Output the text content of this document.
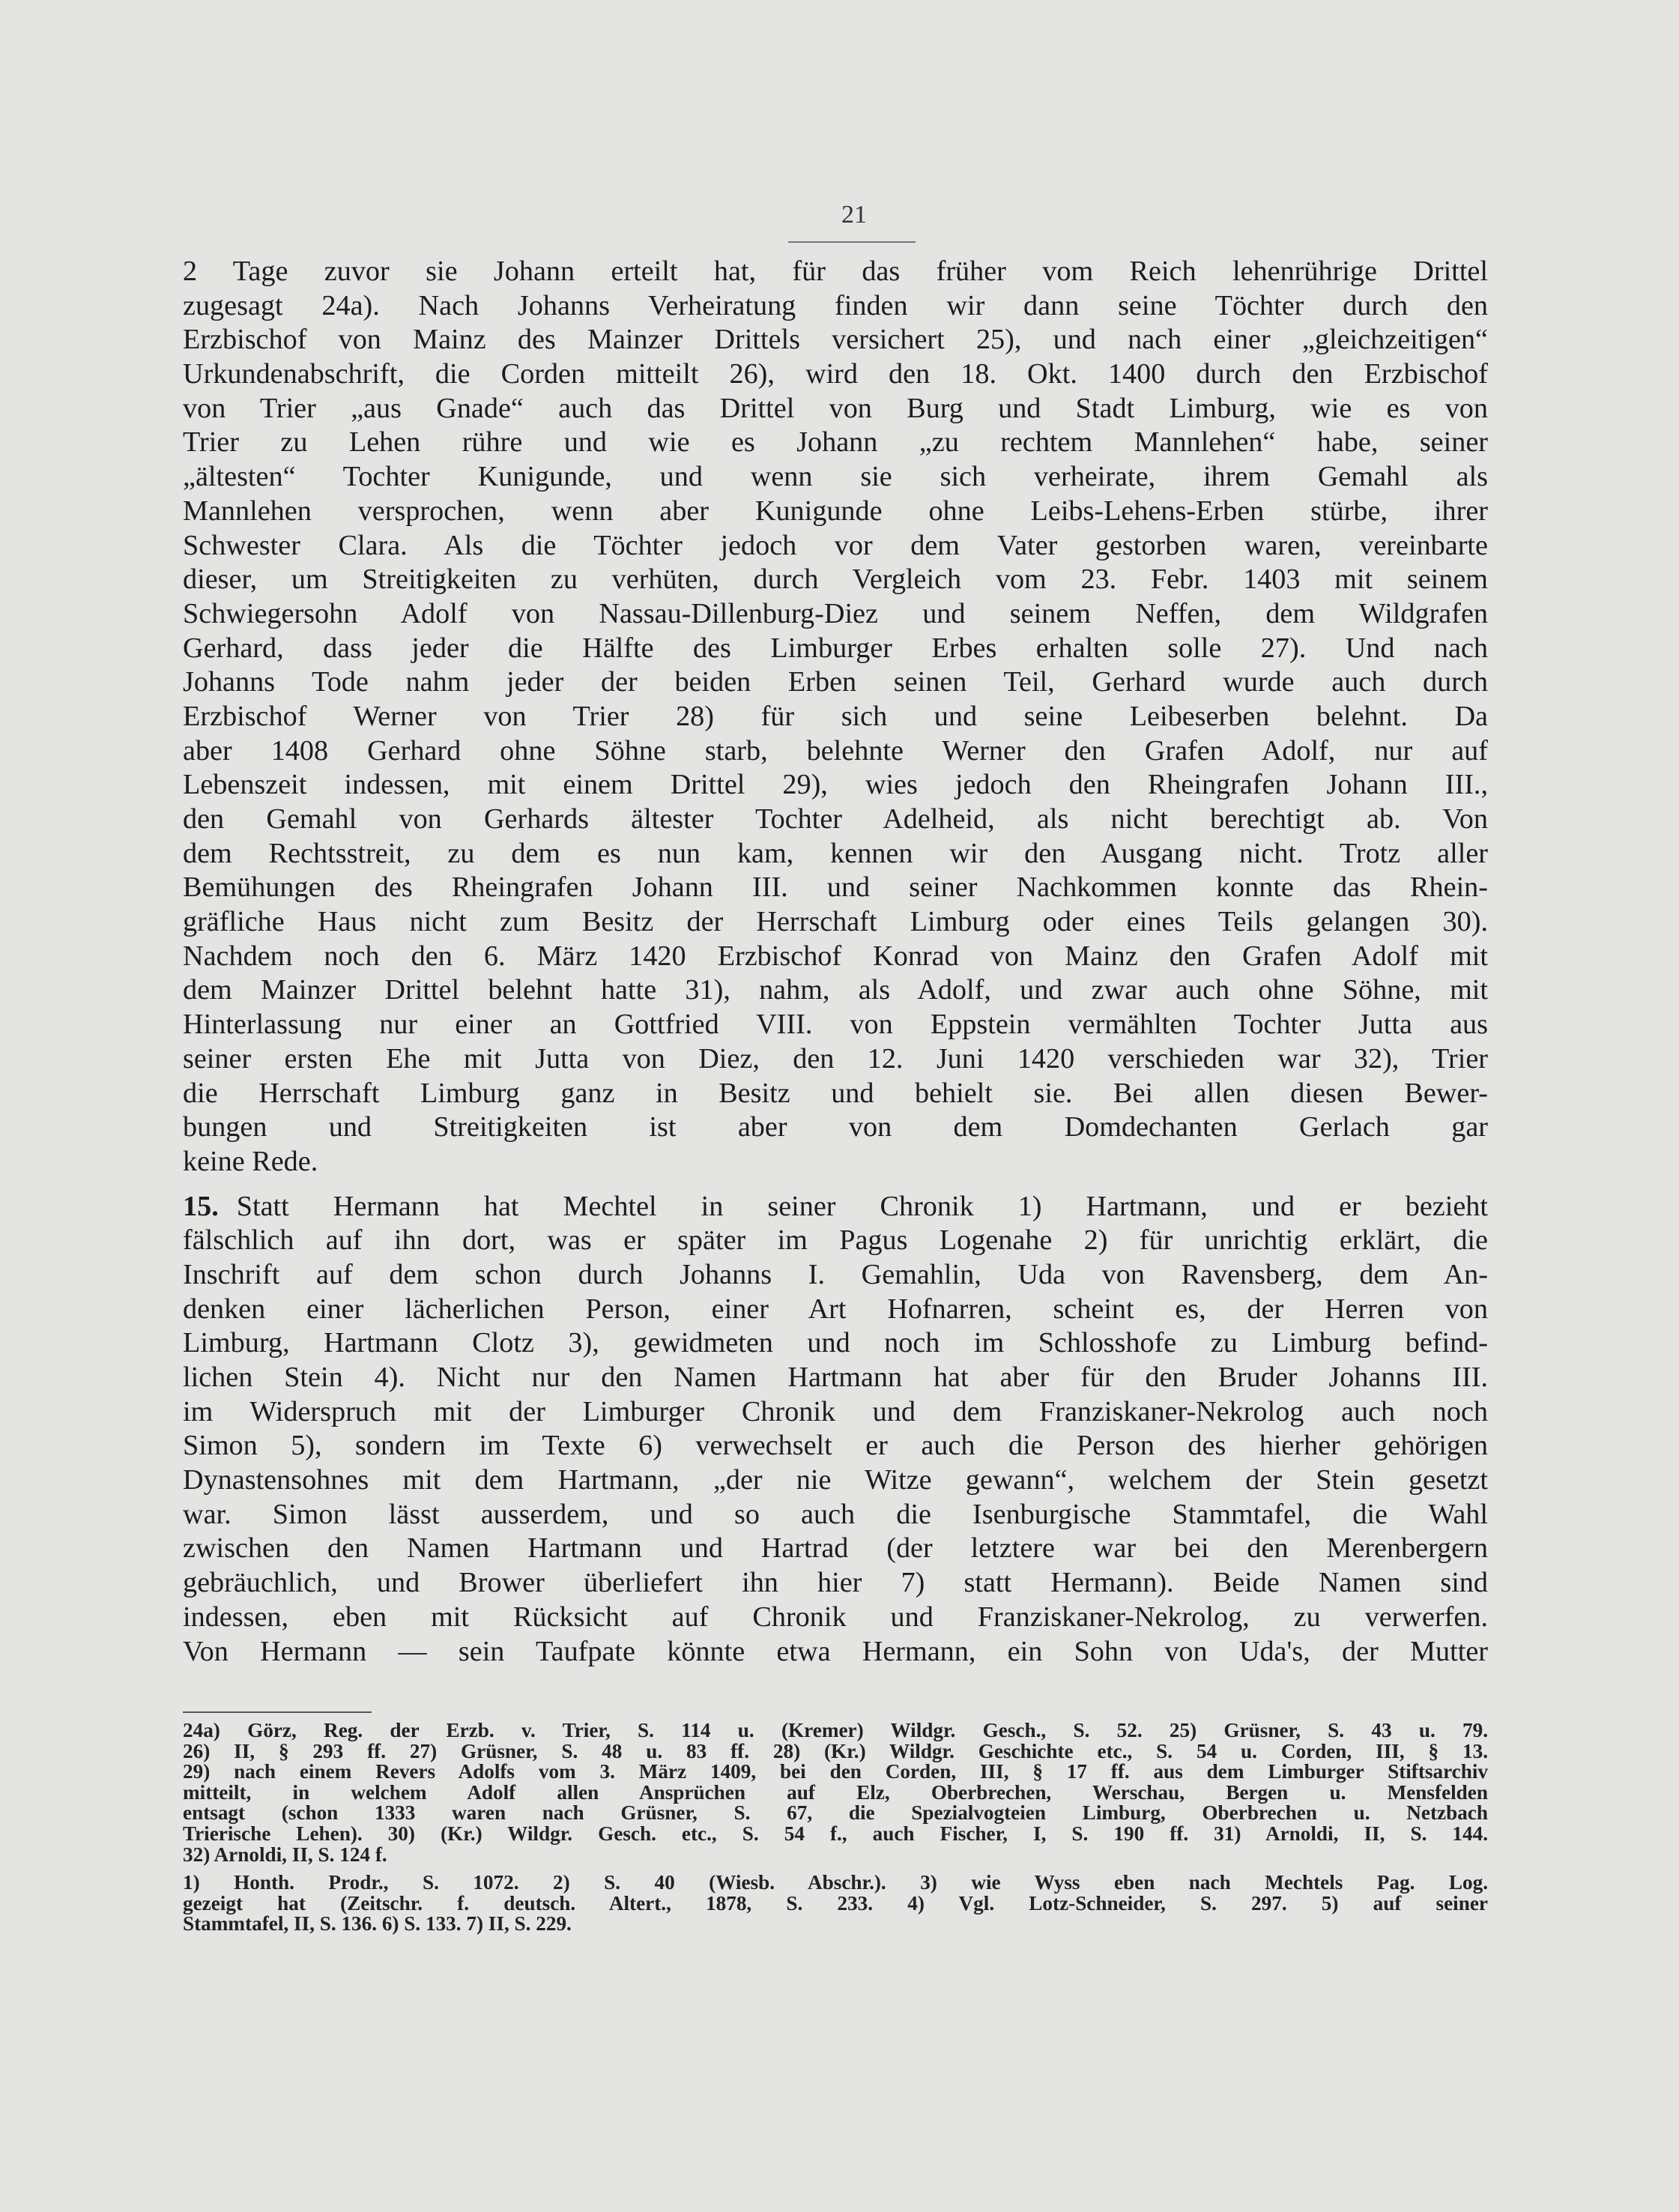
21
2 Tage zuvor sie Johann erteilt hat, für das früher vom Reich lehenrührige Drittel
zugesagt 24a). Nach Johanns Verheiratung finden wir dann seine Töchter durch den
Erzbischof von Mainz des Mainzer Drittels versichert 25), und nach einer „gleichzeitigen“
Urkundenabschrift, die Corden mitteilt 26), wird den 18. Okt. 1400 durch den Erzbischof
von Trier „aus Gnade“ auch das Drittel von Burg und Stadt Limburg, wie es von
Trier zu Lehen rühre und wie es Johann „zu rechtem Mannlehen“ habe, seiner
„ältesten“ Tochter Kunigunde, und wenn sie sich verheirate, ihrem Gemahl als
Mannlehen versprochen, wenn aber Kunigunde ohne Leibs-Lehens-Erben stürbe, ihrer
Schwester Clara. Als die Töchter jedoch vor dem Vater gestorben waren, vereinbarte
dieser, um Streitigkeiten zu verhüten, durch Vergleich vom 23. Febr. 1403 mit seinem
Schwiegersohn Adolf von Nassau-Dillenburg-Diez und seinem Neffen, dem Wildgrafen
Gerhard, dass jeder die Hälfte des Limburger Erbes erhalten solle 27). Und nach
Johanns Tode nahm jeder der beiden Erben seinen Teil, Gerhard wurde auch durch
Erzbischof Werner von Trier 28) für sich und seine Leibeserben belehnt. Da
aber 1408 Gerhard ohne Söhne starb, belehnte Werner den Grafen Adolf, nur auf
Lebenszeit indessen, mit einem Drittel 29), wies jedoch den Rheingrafen Johann III.,
den Gemahl von Gerhards ältester Tochter Adelheid, als nicht berechtigt ab. Von
dem Rechtsstreit, zu dem es nun kam, kennen wir den Ausgang nicht. Trotz aller
Bemühungen des Rheingrafen Johann III. und seiner Nachkommen konnte das Rhein-
gräfliche Haus nicht zum Besitz der Herrschaft Limburg oder eines Teils gelangen 30).
Nachdem noch den 6. März 1420 Erzbischof Konrad von Mainz den Grafen Adolf mit
dem Mainzer Drittel belehnt hatte 31), nahm, als Adolf, und zwar auch ohne Söhne, mit
Hinterlassung nur einer an Gottfried VIII. von Eppstein vermählten Tochter Jutta aus
seiner ersten Ehe mit Jutta von Diez, den 12. Juni 1420 verschieden war 32), Trier
die Herrschaft Limburg ganz in Besitz und behielt sie. Bei allen diesen Bewer-
bungen und Streitigkeiten ist aber von dem Domdechanten Gerlach gar
keine Rede.
15. Statt Hermann hat Mechtel in seiner Chronik 1) Hartmann, und er bezieht
fälschlich auf ihn dort, was er später im Pagus Logenahe 2) für unrichtig erklärt, die
Inschrift auf dem schon durch Johanns I. Gemahlin, Uda von Ravensberg, dem An-
denken einer lächerlichen Person, einer Art Hofnarren, scheint es, der Herren von
Limburg, Hartmann Clotz 3), gewidmeten und noch im Schlosshofe zu Limburg befind-
lichen Stein 4). Nicht nur den Namen Hartmann hat aber für den Bruder Johanns III.
im Widerspruch mit der Limburger Chronik und dem Franziskaner-Nekrolog auch noch
Simon 5), sondern im Texte 6) verwechselt er auch die Person des hierher gehörigen
Dynastensohnes mit dem Hartmann, „der nie Witze gewann“, welchem der Stein gesetzt
war. Simon lässt ausserdem, und so auch die Isenburgische Stammtafel, die Wahl
zwischen den Namen Hartmann und Hartrad (der letztere war bei den Merenbergern
gebräuchlich, und Brower überliefert ihn hier 7) statt Hermann). Beide Namen sind
indessen, eben mit Rücksicht auf Chronik und Franziskaner-Nekrolog, zu verwerfen.
Von Hermann — sein Taufpate könnte etwa Hermann, ein Sohn von Uda's, der Mutter
24a) Görz, Reg. der Erzb. v. Trier, S. 114 u. (Kremer) Wildgr. Gesch., S. 52. 25) Grüsner, S. 43 u. 79.
26) II, § 293 ff. 27) Grüsner, S. 48 u. 83 ff. 28) (Kr.) Wildgr. Geschichte etc., S. 54 u. Corden, III, § 13.
29) nach einem Revers Adolfs vom 3. März 1409, bei den Corden, III, § 17 ff. aus dem Limburger Stiftsarchiv
mitteilt, in welchem Adolf allen Ansprüchen auf Elz, Oberbrechen, Werschau, Bergen u. Mensfelden
entsagt (schon 1333 waren nach Grüsner, S. 67, die Spezialvogteien Limburg, Oberbrechen u. Netzbach
Trierische Lehen). 30) (Kr.) Wildgr. Gesch. etc., S. 54 f., auch Fischer, I, S. 190 ff. 31) Arnoldi, II, S. 144.
32) Arnoldi, II, S. 124 f.
1) Honth. Prodr., S. 1072. 2) S. 40 (Wiesb. Abschr.). 3) wie Wyss eben nach Mechtels Pag. Log.
gezeigt hat (Zeitschr. f. deutsch. Altert., 1878, S. 233. 4) Vgl. Lotz-Schneider, S. 297. 5) auf seiner
Stammtafel, II, S. 136. 6) S. 133. 7) II, S. 229.
